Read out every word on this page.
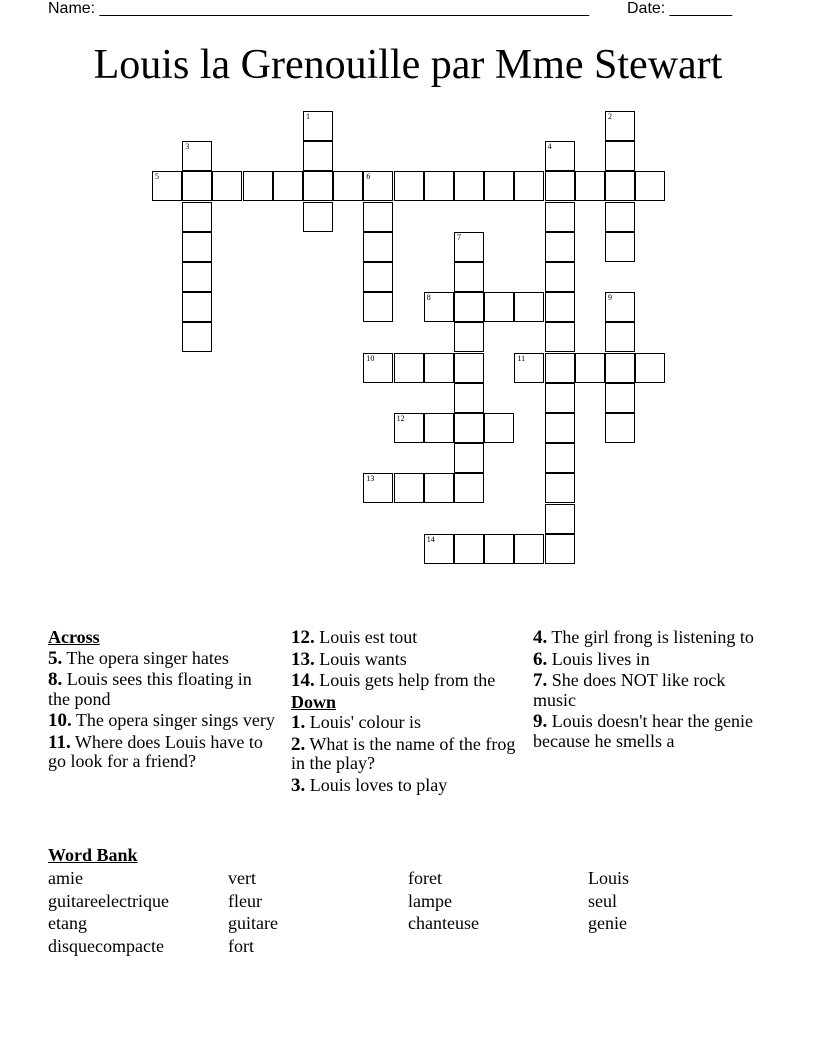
Name: _______________________________________________________ Date: _______
Louis la Grenouille par Mme Stewart
1	2
3	4
5	6
7
8	9
10	11
12
13
14
Across
5. The opera singer hates
8. Louis sees this floating in the pond
10. The opera singer sings very
11. Where does Louis have to go look for a friend?
12. Louis est tout
13. Louis wants
14. Louis gets help from the
Down
1. Louis' colour is
2. What is the name of the frog in the play?
3. Louis loves to play
4. The girl frong is listening to
6. Louis lives in
7. She does NOT like rock music
9. Louis doesn't hear the genie because he smells a
Word Bank
amie	vert	foret	Louis
guitareelectrique	fleur	lampe	seul
etang	guitare	chanteuse	genie
disquecompacte	fort
